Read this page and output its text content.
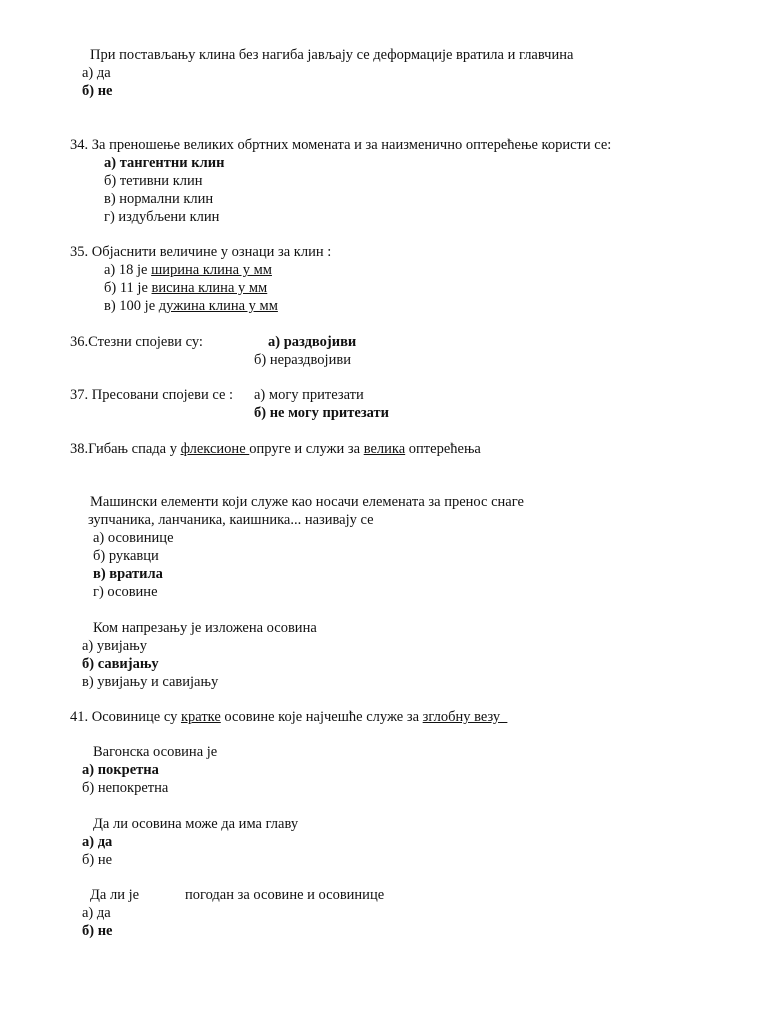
При постављању клина без нагиба јављају се деформације вратила и главчина
а) да
б) не
34. За преношење великих обртних момената и за наизменично оптерећење користи се:
а) тангентни клин
б) тетивни клин
в) нормални клин
г) издубљени клин
35. Објаснити величине у ознаци за клин :
а) 18 је ширина клина у мм
б) 11 је висина клина у мм
в) 100 је дужина клина у мм
36.Стезни спојеви су:	а) раздвојиви
б) нераздвојиви
37. Пресовани спојеви се : а) могу притезати
б) не могу притезати
38.Гибањ спада у флексионе опруге и служи за велика оптерећења
Машински елементи који служе као носачи елемената за пренос снаге
зупчаника, ланчаника, каишника... називају се
а) осовинице
б) рукавци
в) вратила
г) осовине
Ком напрезању је изложена осовина
а) увијању
б) савијању
в) увијању и савијању
41. Осовинице су кратке осовине које најчешће служе за зглобну везу
Вагонска осовина је
а) покретна
б) непокретна
Да ли осовина може да има главу
а) да
б) не
Да ли је	погодан за осовине и осовинице
а) да
б) не
